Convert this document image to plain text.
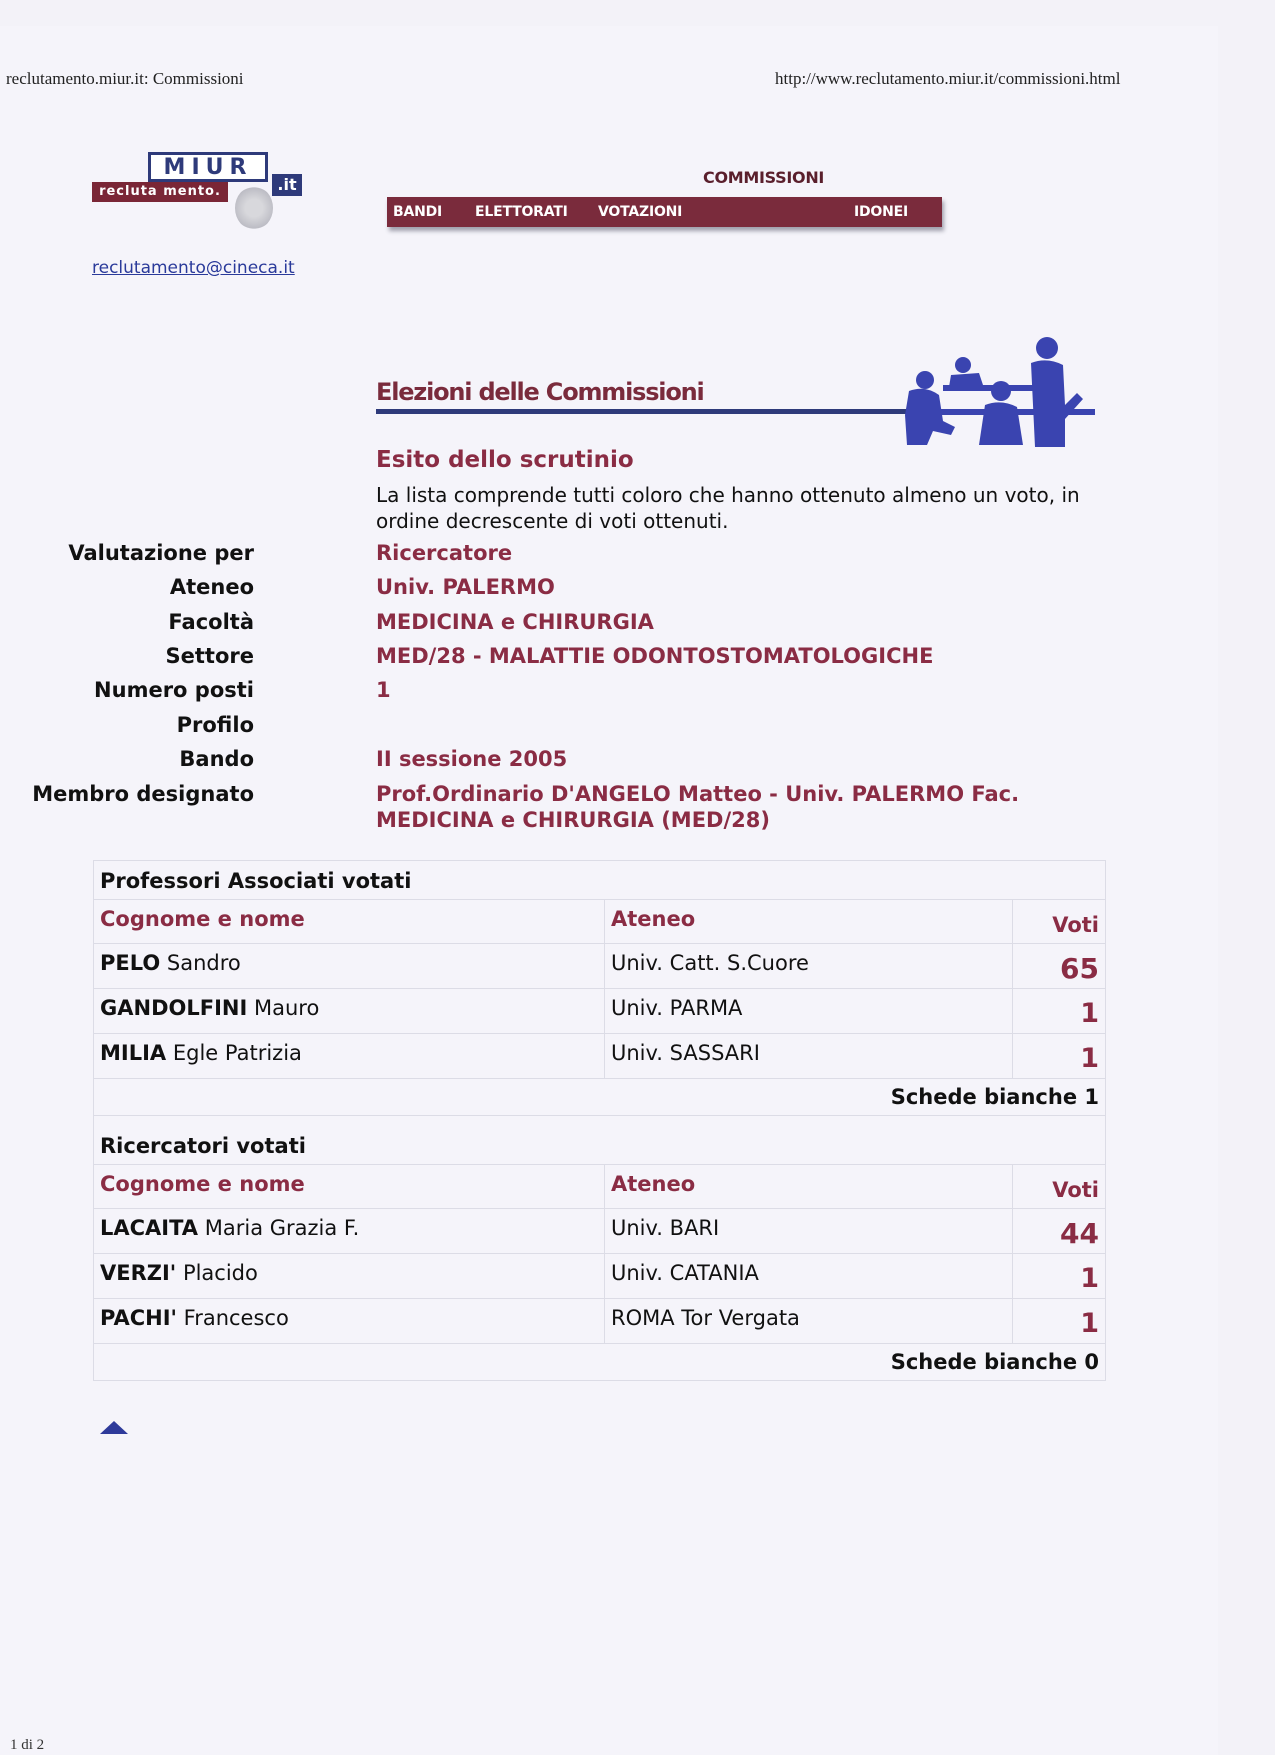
reclutamento.miur.it: Commissioni	http://www.reclutamento.miur.it/commissioni.html
MIUR
recluta mento.	.it
reclutamento@cineca.it
COMMISSIONI
BANDI ELETTORATI VOTAZIONI	IDONEI
Elezioni delle Commissioni
Esito dello scrutinio
La lista comprende tutti coloro che hanno ottenuto almeno un voto, in ordine decrescente di voti ottenuti.
Valutazione per	Ricercatore
Ateneo	Univ. PALERMO
Facoltà	MEDICINA e CHIRURGIA
Settore	MED/28 - MALATTIE ODONTOSTOMATOLOGICHE
Numero posti	1
Profilo
Bando	II sessione 2005
Membro designato	Prof.Ordinario D'ANGELO Matteo - Univ. PALERMO Fac. MEDICINA e CHIRURGIA (MED/28)
Professori Associati votati		
Cognome e nome	Ateneo	Voti
PELO Sandro	Univ. Catt. S.Cuore	65
GANDOLFINI Mauro	Univ. PARMA	1
MILIA Egle Patrizia	Univ. SASSARI	1
Schede bianche 1		
Ricercatori votati		
Cognome e nome	Ateneo	Voti
LACAITA Maria Grazia F.	Univ. BARI	44
VERZI' Placido	Univ. CATANIA	1
PACHI' Francesco	ROMA Tor Vergata	1
Schede bianche 0		
1 di 2
